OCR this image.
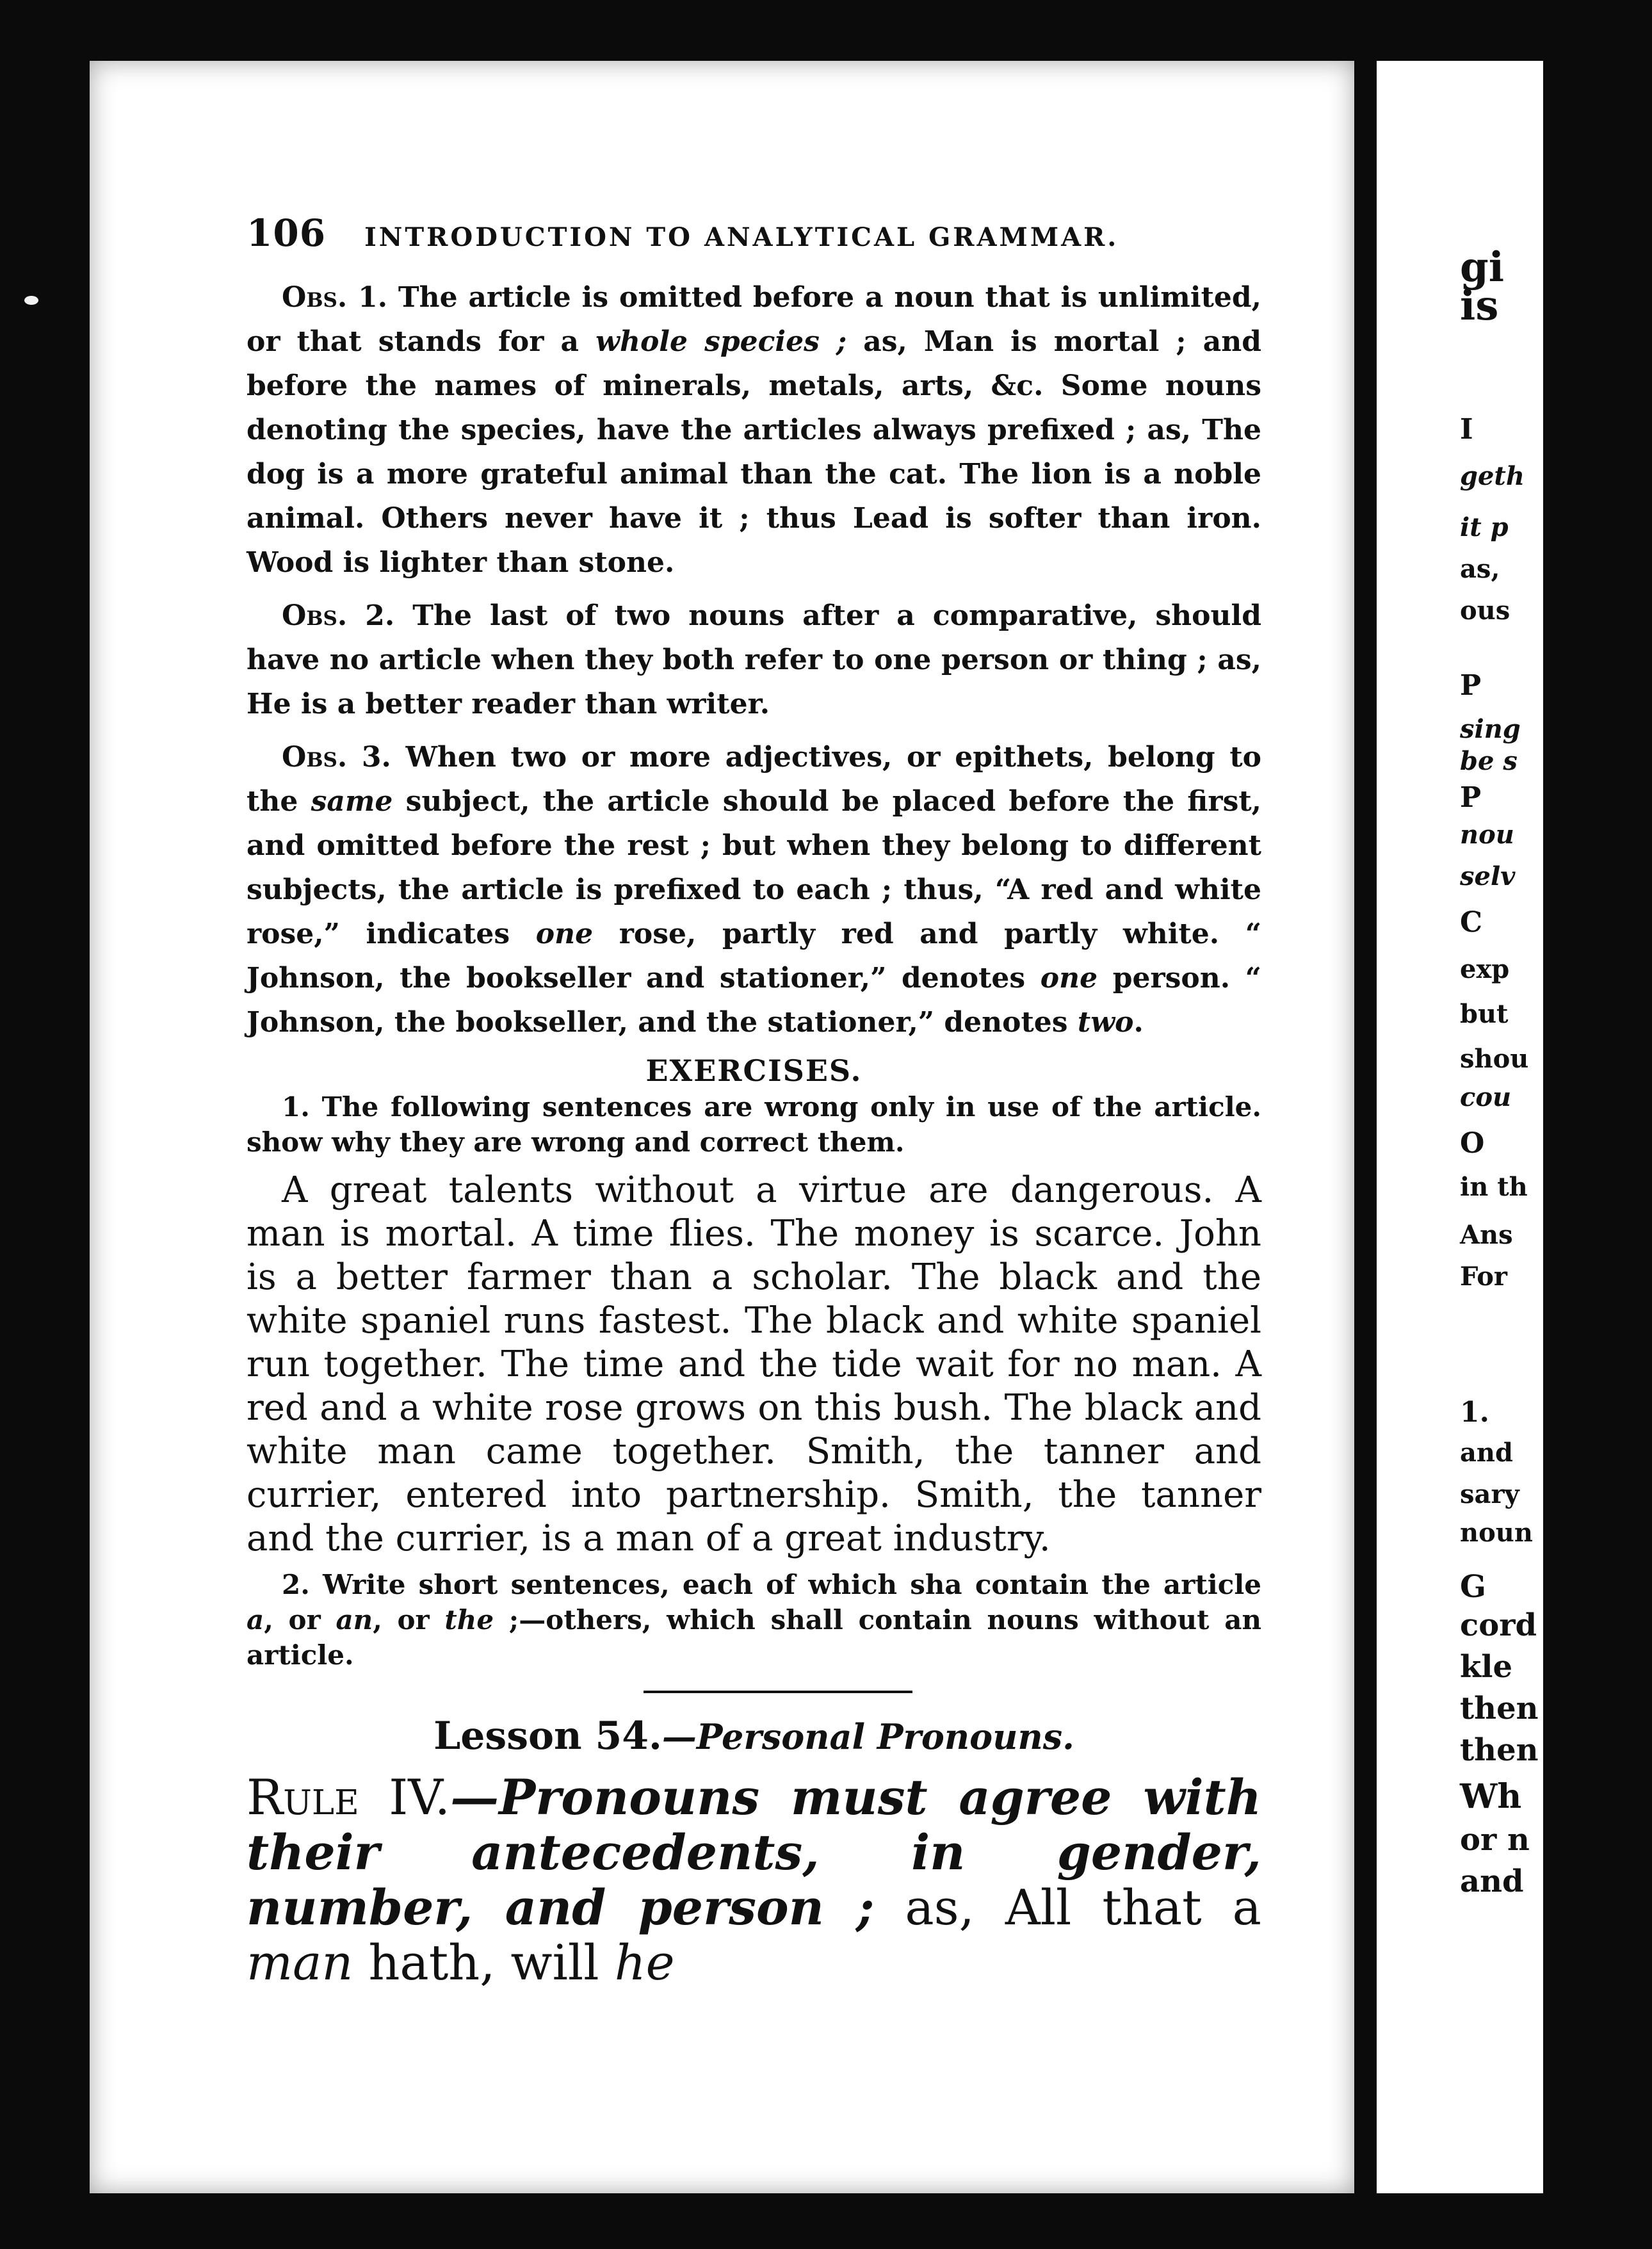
106 INTRODUCTION TO ANALYTICAL GRAMMAR.

Obs. 1. The article is omitted before a noun that is unlimited, or that stands for a whole species ; as, Man is mortal ; and before the names of minerals, metals, arts, &c. Some nouns denoting the species, have the articles always prefixed ; as, The dog is a more grateful animal than the cat. The lion is a noble animal. Others never have it ; thus Lead is softer than iron. Wood is lighter than stone.

Obs. 2. The last of two nouns after a comparative, should have no article when they both refer to one person or thing ; as, He is a better reader than writer.

Obs. 3. When two or more adjectives, or epithets, belong to the same subject, the article should be placed before the first, and omitted before the rest ; but when they belong to different subjects, the article is prefixed to each ; thus, “A red and white rose,” indicates one rose, partly red and partly white. “ Johnson, the bookseller and stationer,” denotes one person. “ Johnson, the bookseller, and the stationer,” denotes two.

EXERCISES.

1. The following sentences are wrong only in use of the article. show why they are wrong and correct them.

A great talents without a virtue are dangerous. A man is mortal. A time flies. The money is scarce. John is a better farmer than a scholar. The black and the white spaniel runs fastest. The black and white spaniel run together. The time and the tide wait for no man. A red and a white rose grows on this bush. The black and white man came together. Smith, the tanner and currier, entered into partnership. Smith, the tanner and the currier, is a man of a great industry.

2. Write short sentences, each of which sha contain the article a, or an, or the ;—others, which shall contain nouns without an article.

Lesson 54.—Personal Pronouns.

Rule IV.—Pronouns must agree with their antecedents, in gender, number, and person ; as, All that a man hath, will he

gi
is
I
geth
it p
as,
ous
P
sing
be s
P
nou
selv
C
exp
but
shou
cou
O
in th
Ans
For
1.
and
sary
noun
G
cord
kle
then
then
Wh
or n
and
